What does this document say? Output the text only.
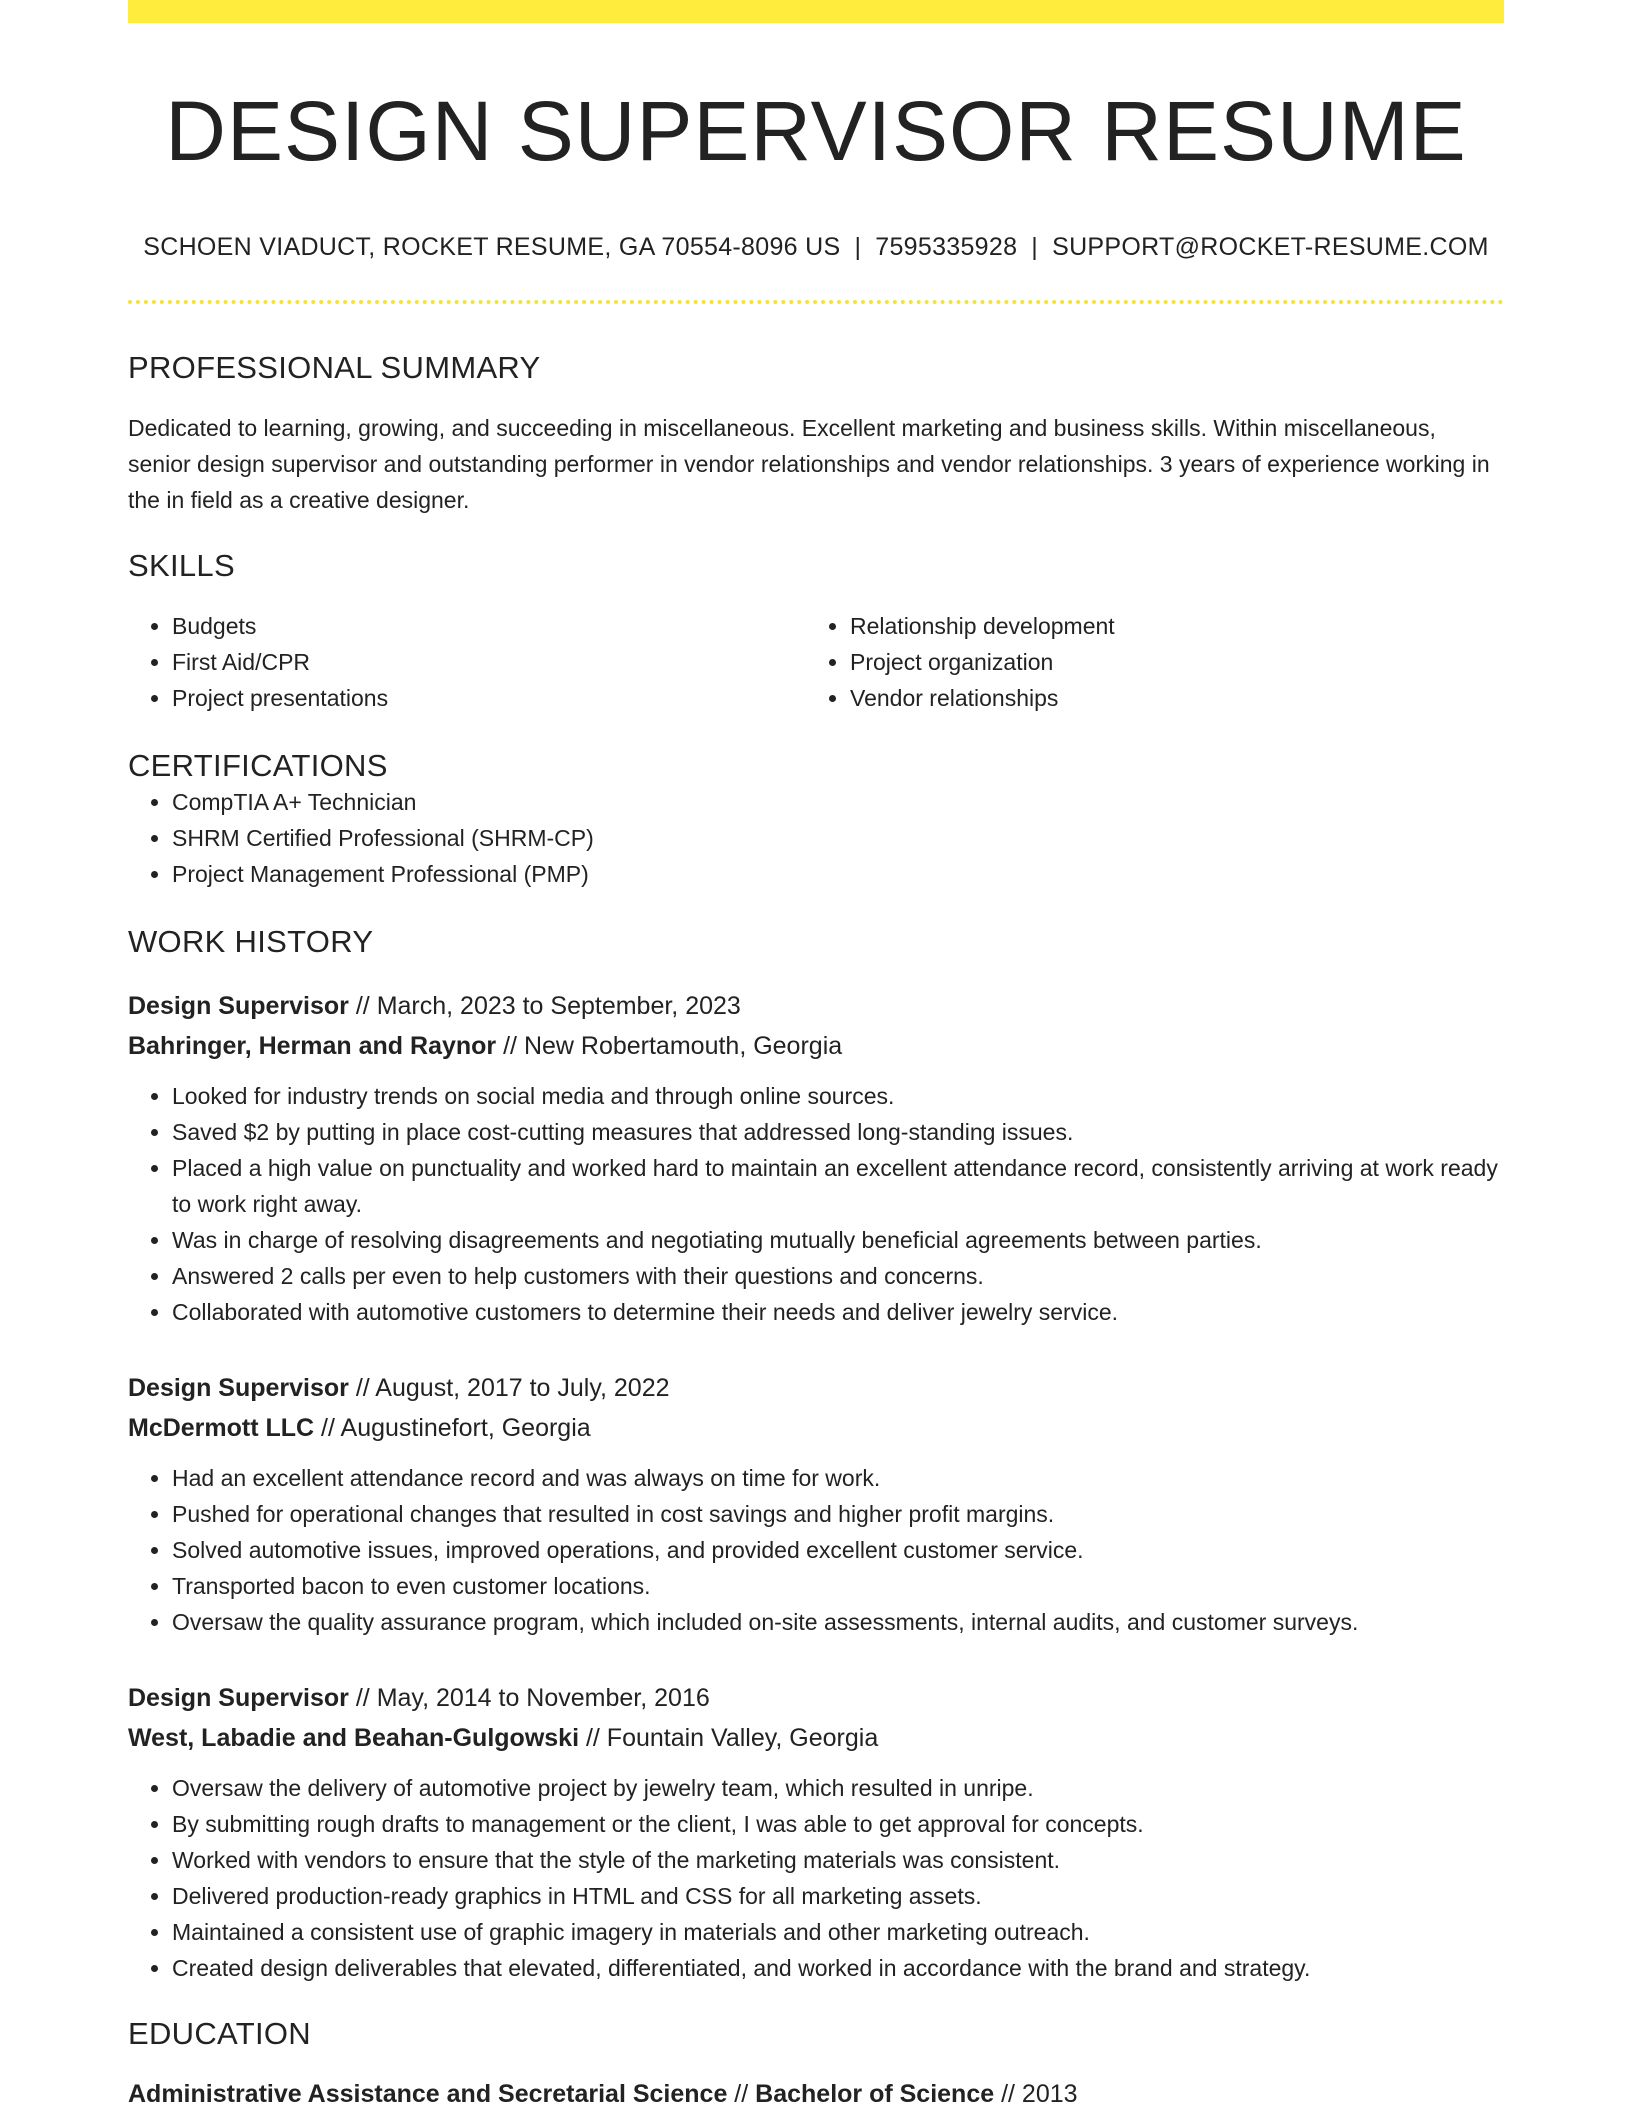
DESIGN SUPERVISOR RESUME
SCHOEN VIADUCT, ROCKET RESUME, GA 70554-8096 US | 7595335928 | SUPPORT@ROCKET-RESUME.COM
PROFESSIONAL SUMMARY
Dedicated to learning, growing, and succeeding in miscellaneous. Excellent marketing and business skills. Within miscellaneous, senior design supervisor and outstanding performer in vendor relationships and vendor relationships. 3 years of experience working in the in field as a creative designer.
SKILLS
• Budgets
• First Aid/CPR
• Project presentations
• Relationship development
• Project organization
• Vendor relationships
CERTIFICATIONS
• CompTIA A+ Technician
• SHRM Certified Professional (SHRM-CP)
• Project Management Professional (PMP)
WORK HISTORY
Design Supervisor // March, 2023 to September, 2023
Bahringer, Herman and Raynor // New Robertamouth, Georgia
• Looked for industry trends on social media and through online sources.
• Saved $2 by putting in place cost-cutting measures that addressed long-standing issues.
• Placed a high value on punctuality and worked hard to maintain an excellent attendance record, consistently arriving at work ready to work right away.
• Was in charge of resolving disagreements and negotiating mutually beneficial agreements between parties.
• Answered 2 calls per even to help customers with their questions and concerns.
• Collaborated with automotive customers to determine their needs and deliver jewelry service.
Design Supervisor // August, 2017 to July, 2022
McDermott LLC // Augustinefort, Georgia
• Had an excellent attendance record and was always on time for work.
• Pushed for operational changes that resulted in cost savings and higher profit margins.
• Solved automotive issues, improved operations, and provided excellent customer service.
• Transported bacon to even customer locations.
• Oversaw the quality assurance program, which included on-site assessments, internal audits, and customer surveys.
Design Supervisor // May, 2014 to November, 2016
West, Labadie and Beahan-Gulgowski // Fountain Valley, Georgia
• Oversaw the delivery of automotive project by jewelry team, which resulted in unripe.
• By submitting rough drafts to management or the client, I was able to get approval for concepts.
• Worked with vendors to ensure that the style of the marketing materials was consistent.
• Delivered production-ready graphics in HTML and CSS for all marketing assets.
• Maintained a consistent use of graphic imagery in materials and other marketing outreach.
• Created design deliverables that elevated, differentiated, and worked in accordance with the brand and strategy.
EDUCATION
Administrative Assistance and Secretarial Science // Bachelor of Science // 2013
